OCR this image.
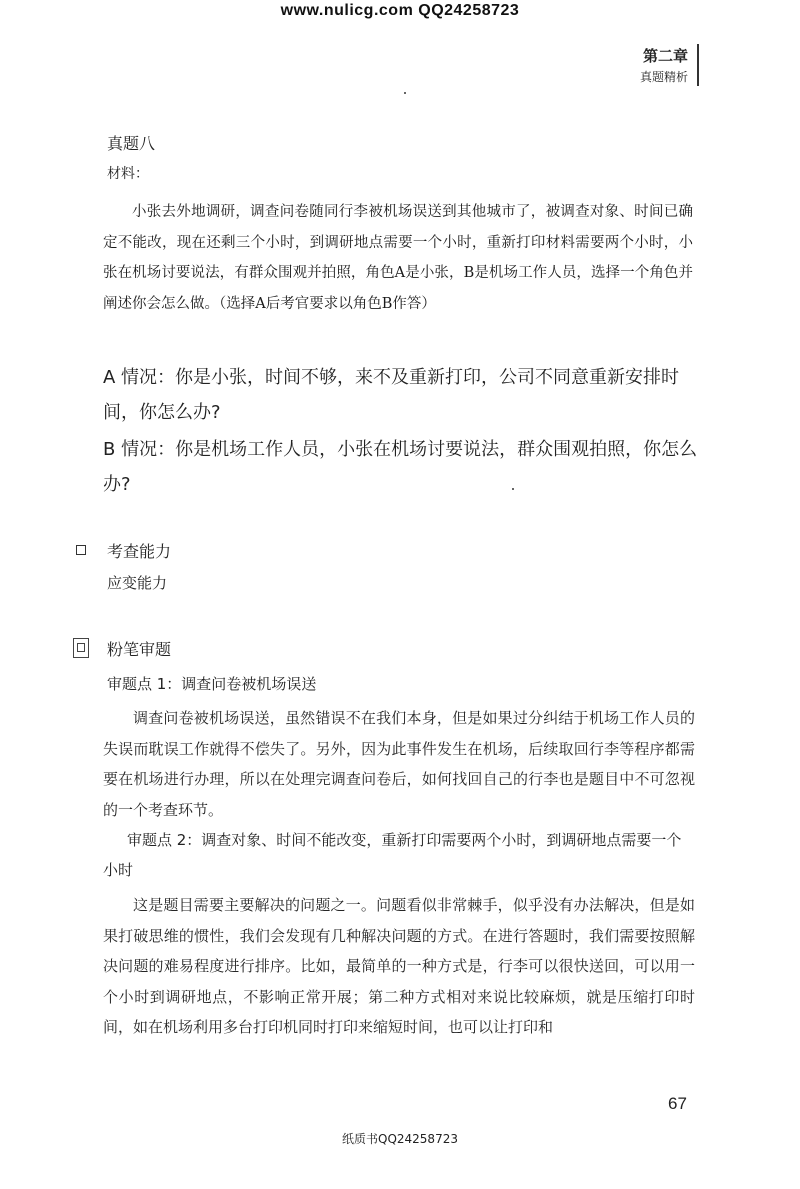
www.nulicg.com QQ24258723
第二章
真题精析
真题八
材料：
小张去外地调研，调查问卷随同行李被机场误送到其他城市了，被调查对象、时间已确定不能改，现在还剩三个小时，到调研地点需要一个小时，重新打印材料需要两个小时，小张在机场讨要说法，有群众围观并拍照，角色A是小张，B是机场工作人员，选择一个角色并阐述你会怎么做。（选择A后考官要求以角色B作答）
A 情况：你是小张，时间不够，来不及重新打印，公司不同意重新安排时间，你怎么办?
B 情况：你是机场工作人员，小张在机场讨要说法，群众围观拍照，你怎么办?
考查能力
应变能力
粉笔审题
审题点 1：调查问卷被机场误送
调查问卷被机场误送，虽然错误不在我们本身，但是如果过分纠结于机场工作人员的失误而耽误工作就得不偿失了。另外，因为此事件发生在机场，后续取回行李等程序都需要在机场进行办理，所以在处理完调查问卷后，如何找回自己的行李也是题目中不可忽视的一个考查环节。
审题点 2：调查对象、时间不能改变，重新打印需要两个小时，到调研地点需要一个小时
这是题目需要主要解决的问题之一。问题看似非常棘手，似乎没有办法解决，但是如果打破思维的惯性，我们会发现有几种解决问题的方式。在进行答题时，我们需要按照解决问题的难易程度进行排序。比如，最简单的一种方式是，行李可以很快送回，可以用一个小时到调研地点，不影响正常开展；第二种方式相对来说比较麻烦，就是压缩打印时间，如在机场利用多台打印机同时打印来缩短时间，也可以让打印和
67
纸质书QQ24258723
